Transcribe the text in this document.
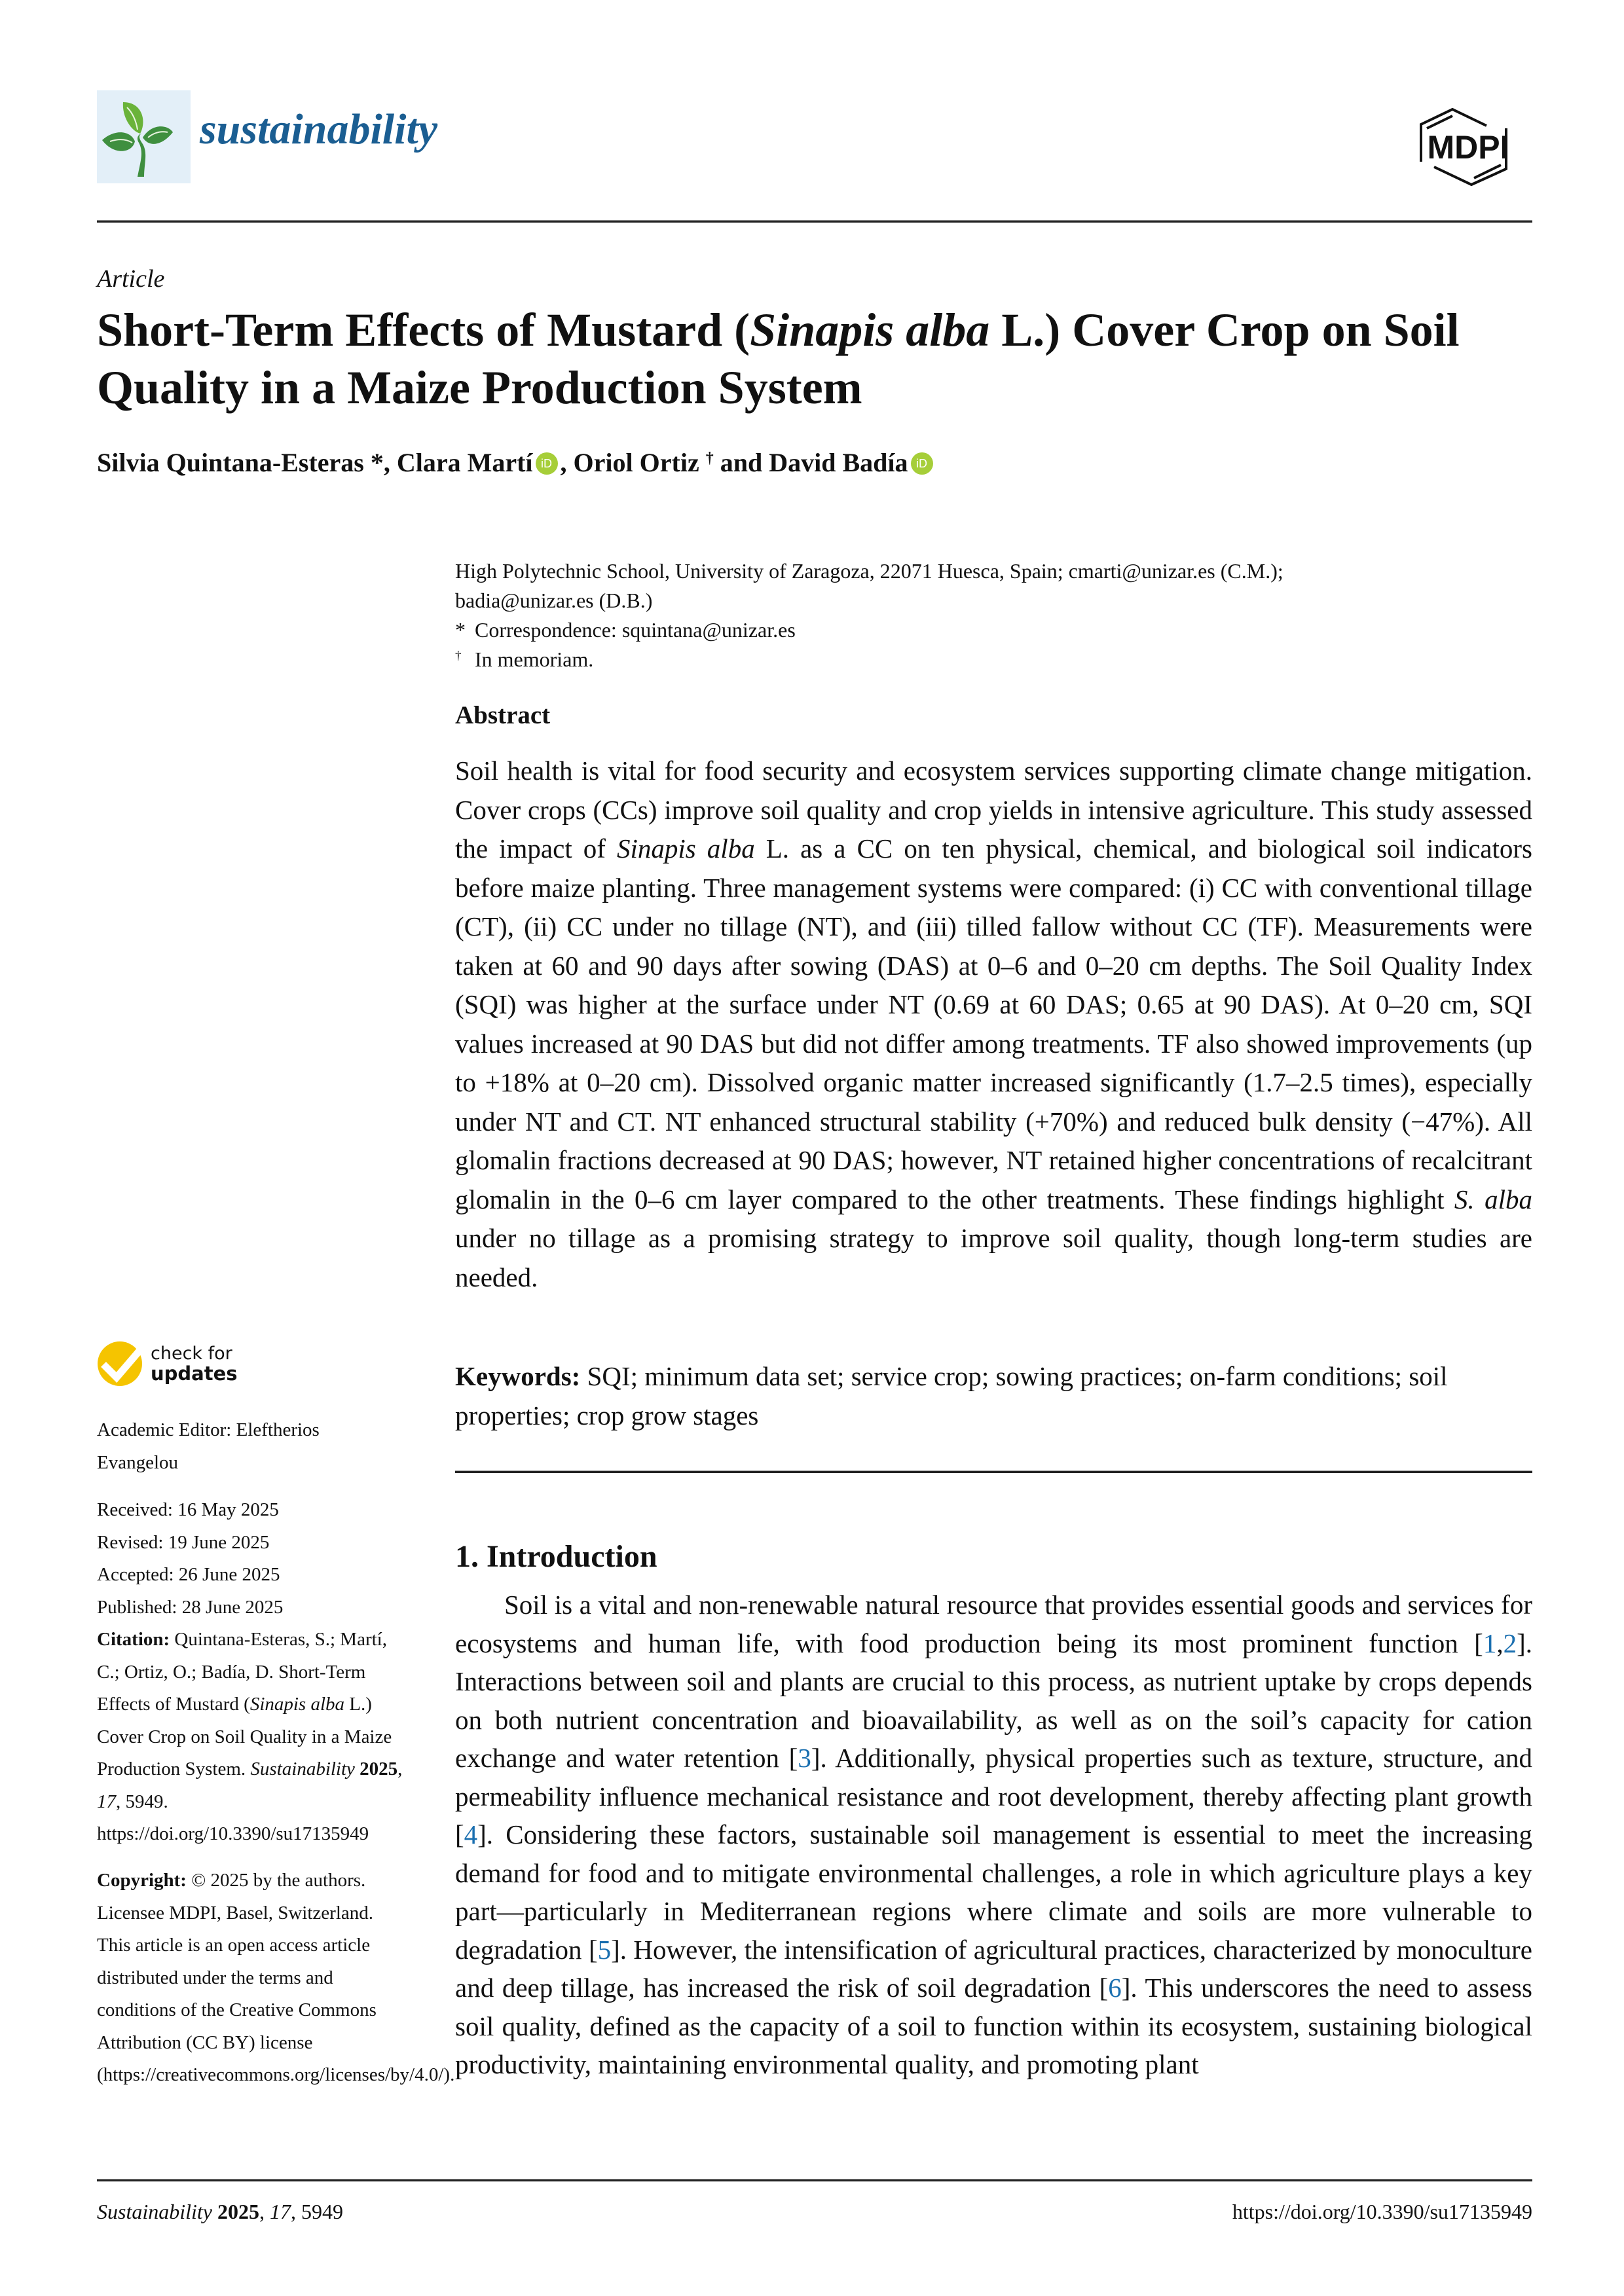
sustainability	MDPI
Article
Short-Term Effects of Mustard (Sinapis alba L.) Cover Crop on Soil Quality in a Maize Production System
Silvia Quintana-Esteras *, Clara Martí iD , Oriol Ortiz † and David Badía iD
High Polytechnic School, University of Zaragoza, 22071 Huesca, Spain; cmarti@unizar.es (C.M.);
badia@unizar.es (D.B.)
* Correspondence: squintana@unizar.es
† In memoriam.
Abstract
Soil health is vital for food security and ecosystem services supporting climate change mitigation. Cover crops (CCs) improve soil quality and crop yields in intensive agriculture. This study assessed the impact of Sinapis alba L. as a CC on ten physical, chemical, and biological soil indicators before maize planting. Three management systems were compared: (i) CC with conventional tillage (CT), (ii) CC under no tillage (NT), and (iii) tilled fallow without CC (TF). Measurements were taken at 60 and 90 days after sowing (DAS) at 0–6 and 0–20 cm depths. The Soil Quality Index (SQI) was higher at the surface under NT (0.69 at 60 DAS; 0.65 at 90 DAS). At 0–20 cm, SQI values increased at 90 DAS but did not differ among treatments. TF also showed improvements (up to +18% at 0–20 cm). Dissolved organic matter increased significantly (1.7–2.5 times), especially under NT and CT. NT enhanced structural stability (+70%) and reduced bulk density (−47%). All glomalin fractions decreased at 90 DAS; however, NT retained higher concentrations of recalcitrant glomalin in the 0–6 cm layer compared to the other treatments. These findings highlight S. alba under no tillage as a promising strategy to improve soil quality, though long-term studies are needed.
Keywords: SQI; minimum data set; service crop; sowing practices; on-farm conditions; soil properties; crop grow stages
1. Introduction
Soil is a vital and non-renewable natural resource that provides essential goods and services for ecosystems and human life, with food production being its most prominent function [1,2]. Interactions between soil and plants are crucial to this process, as nutrient uptake by crops depends on both nutrient concentration and bioavailability, as well as on the soil’s capacity for cation exchange and water retention [3]. Additionally, physical properties such as texture, structure, and permeability influence mechanical resistance and root development, thereby affecting plant growth [4]. Considering these factors, sustainable soil management is essential to meet the increasing demand for food and to mitigate environmental challenges, a role in which agriculture plays a key part—particularly in Mediterranean regions where climate and soils are more vulnerable to degradation [5]. However, the intensification of agricultural practices, characterized by monoculture and deep tillage, has increased the risk of soil degradation [6]. This underscores the need to assess soil quality, defined as the capacity of a soil to function within its ecosystem, sustaining biological productivity, maintaining environmental quality, and promoting plant
check for
updates
Academic Editor: Eleftherios Evangelou
Received: 16 May 2025
Revised: 19 June 2025
Accepted: 26 June 2025
Published: 28 June 2025
Citation: Quintana-Esteras, S.; Martí, C.; Ortiz, O.; Badía, D. Short-Term Effects of Mustard (Sinapis alba L.) Cover Crop on Soil Quality in a Maize Production System. Sustainability 2025, 17, 5949. https://doi.org/10.3390/su17135949
Copyright: © 2025 by the authors. Licensee MDPI, Basel, Switzerland. This article is an open access article distributed under the terms and conditions of the Creative Commons Attribution (CC BY) license (https://creativecommons.org/licenses/by/4.0/).
Sustainability 2025, 17, 5949	https://doi.org/10.3390/su17135949
